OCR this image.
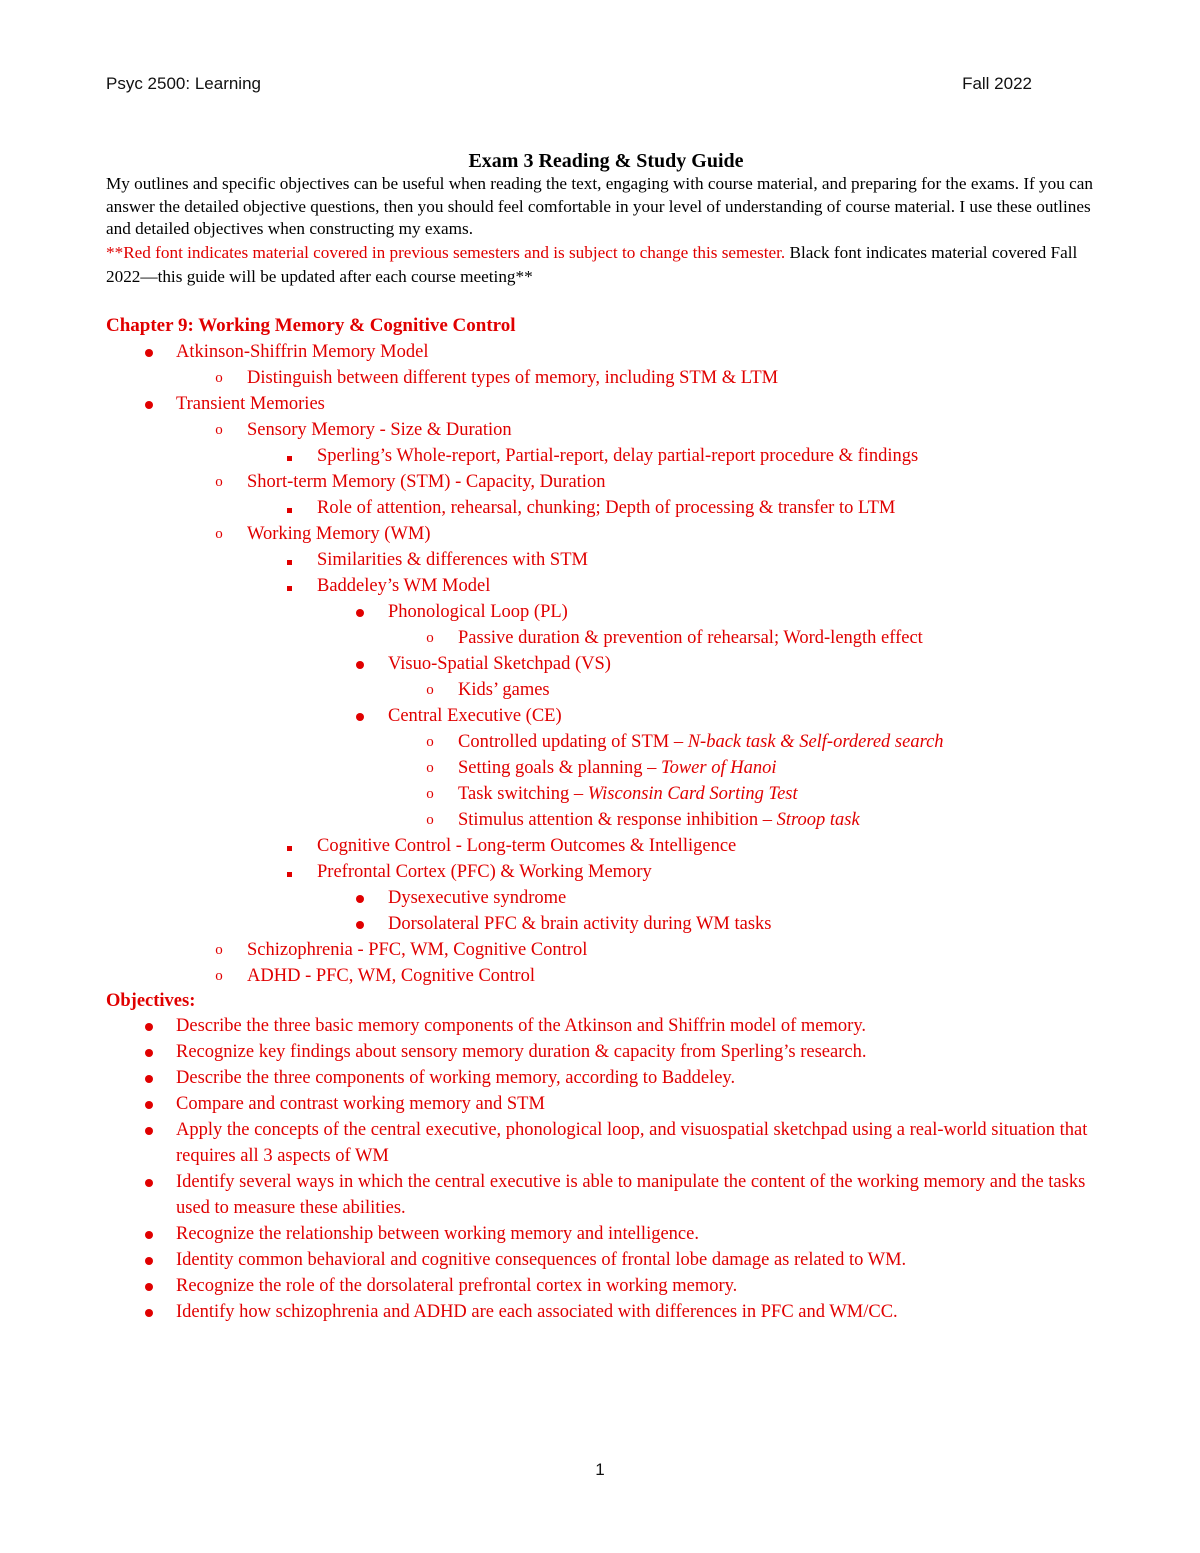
Psyc 2500: Learning	Fall 2022

Exam 3 Reading & Study Guide

My outlines and specific objectives can be useful when reading the text, engaging with course material, and preparing for the exams. If you can answer the detailed objective questions, then you should feel comfortable in your level of understanding of course material. I use these outlines and detailed objectives when constructing my exams.

**Red font indicates material covered in previous semesters and is subject to change this semester. Black font indicates material covered Fall 2022—this guide will be updated after each course meeting**

Chapter 9: Working Memory & Cognitive Control

Atkinson-Shiffrin Memory Model
o	Distinguish between different types of memory, including STM & LTM
Transient Memories
o	Sensory Memory - Size & Duration
Sperling’s Whole-report, Partial-report, delay partial-report procedure & findings
o	Short-term Memory (STM) - Capacity, Duration
Role of attention, rehearsal, chunking; Depth of processing & transfer to LTM
o	Working Memory (WM)
Similarities & differences with STM
Baddeley’s WM Model
Phonological Loop (PL)
o	Passive duration & prevention of rehearsal; Word-length effect
Visuo-Spatial Sketchpad (VS)
o	Kids’ games
Central Executive (CE)
o	Controlled updating of STM – N-back task & Self-ordered search
o	Setting goals & planning – Tower of Hanoi
o	Task switching – Wisconsin Card Sorting Test
o	Stimulus attention & response inhibition – Stroop task
Cognitive Control - Long-term Outcomes & Intelligence
Prefrontal Cortex (PFC) & Working Memory
Dysexecutive syndrome
Dorsolateral PFC & brain activity during WM tasks
o	Schizophrenia - PFC, WM, Cognitive Control
o	ADHD - PFC, WM, Cognitive Control

Objectives:

Describe the three basic memory components of the Atkinson and Shiffrin model of memory.
Recognize key findings about sensory memory duration & capacity from Sperling’s research.
Describe the three components of working memory, according to Baddeley.
Compare and contrast working memory and STM
Apply the concepts of the central executive, phonological loop, and visuospatial sketchpad using a real-world situation that requires all 3 aspects of WM
Identify several ways in which the central executive is able to manipulate the content of the working memory and the tasks used to measure these abilities.
Recognize the relationship between working memory and intelligence.
Identity common behavioral and cognitive consequences of frontal lobe damage as related to WM.
Recognize the role of the dorsolateral prefrontal cortex in working memory.
Identify how schizophrenia and ADHD are each associated with differences in PFC and WM/CC.
1
